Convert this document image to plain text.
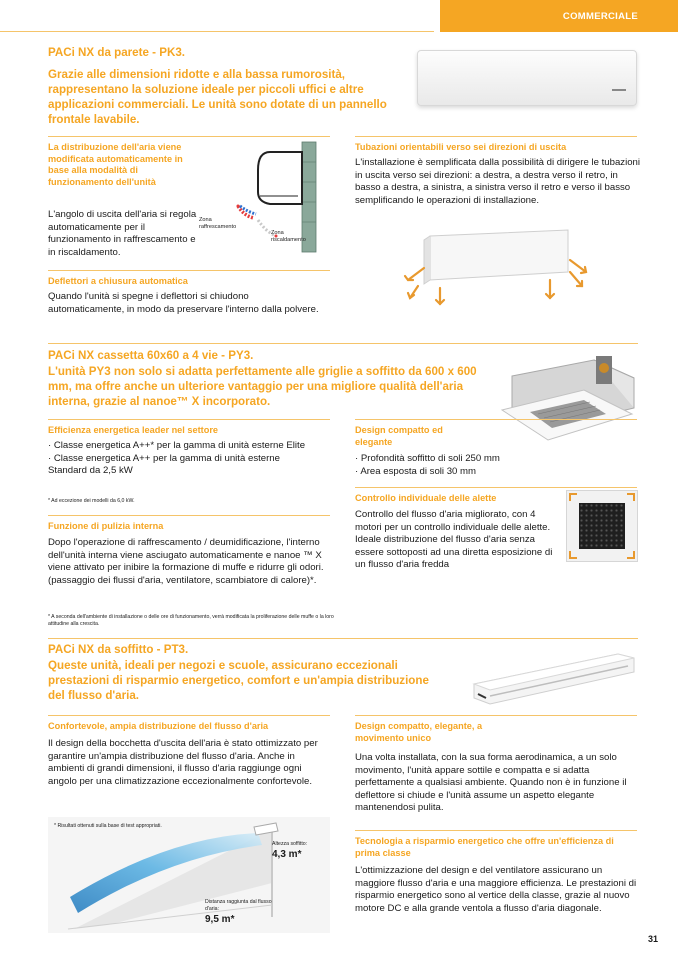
COMMERCIALE
PACi NX da parete - PK3.
Grazie alle dimensioni ridotte e alla bassa rumorosità, rappresentano la soluzione ideale per piccoli uffici e altre applicazioni commerciali. Le unità sono dotate di un pannello frontale lavabile.
La distribuzione dell'aria viene modificata automaticamente in base alla modalità di funzionamento dell'unità
L'angolo di uscita dell'aria si regola automaticamente per il funzionamento in raffrescamento e in riscaldamento.
Zona raffrescamento
Zona riscaldamento
Tubazioni orientabili verso sei direzioni di uscita
L'installazione è semplificata dalla possibilità di dirigere le tubazioni in uscita verso sei direzioni: a destra, a destra verso il retro, in basso a destra, a sinistra, a sinistra verso il retro e verso il basso semplificando le operazioni di installazione.
Deflettori a chiusura automatica
Quando l'unità si spegne i deflettori si chiudono automaticamente, in modo da preservare l'interno dalla polvere.
PACi NX cassetta 60x60 a 4 vie - PY3.
L'unità PY3 non solo si adatta perfettamente alle griglie a soffitto da 600 x 600 mm, ma offre anche un ulteriore vantaggio per una migliore qualità dell'aria interna, grazie al nanoe™ X incorporato.
Efficienza energetica leader nel settore
· Classe energetica A++* per la gamma di unità esterne Elite
· Classe energetica A++ per la gamma di unità esterne Standard da 2,5 kW
* Ad eccezione dei modelli da 6,0 kW.
Design compatto ed elegante
· Profondità soffitto di soli 250 mm
· Area esposta di soli 30 mm
Funzione di pulizia interna
Dopo l'operazione di raffrescamento / deumidificazione, l'interno dell'unità interna viene asciugato automaticamente e nanoe ™ X viene attivato per inibire la formazione di muffe e ridurre gli odori. (passaggio dei flussi d'aria, ventilatore, scambiatore di calore)*.
* A seconda dell'ambiente di installazione o delle ore di funzionamento, verrà modificata la proliferazione delle muffe o la loro attitudine alla crescita.
Controllo individuale delle alette
Controllo del flusso d'aria migliorato, con 4 motori per un controllo individuale delle alette. Ideale distribuzione del flusso d'aria senza essere sottoposti ad una diretta esposizione di un flusso d'aria fredda
PACi NX da soffitto - PT3.
Queste unità, ideali per negozi e scuole, assicurano eccezionali prestazioni di risparmio energetico, comfort e un'ampia distribuzione del flusso d'aria.
Confortevole, ampia distribuzione del flusso d'aria
Il design della bocchetta d'uscita dell'aria è stato ottimizzato per garantire un'ampia distribuzione del flusso d'aria. Anche in ambienti di grandi dimensioni, il flusso d'aria raggiunge ogni angolo per una climatizzazione eccezionalmente confortevole.
* Risultati ottenuti sulla base di test appropriati.
Altezza soffitto:
4,3 m*
Distanza raggiunta dal flusso d'aria:
9,5 m*
Design compatto, elegante, a movimento unico
Una volta installata, con la sua forma aerodinamica, a un solo movimento, l'unità appare sottile e compatta e si adatta perfettamente a qualsiasi ambiente. Quando non è in funzione il deflettore si chiude e l'unità assume un aspetto elegante mantenendosi pulita.
Tecnologia a risparmio energetico che offre un'efficienza di prima classe
L'ottimizzazione del design e del ventilatore assicurano un maggiore flusso d'aria e una maggiore efficienza. Le prestazioni di risparmio energetico sono al vertice della classe, grazie al nuovo motore DC e alla grande ventola a flusso d'aria diagonale.
31
